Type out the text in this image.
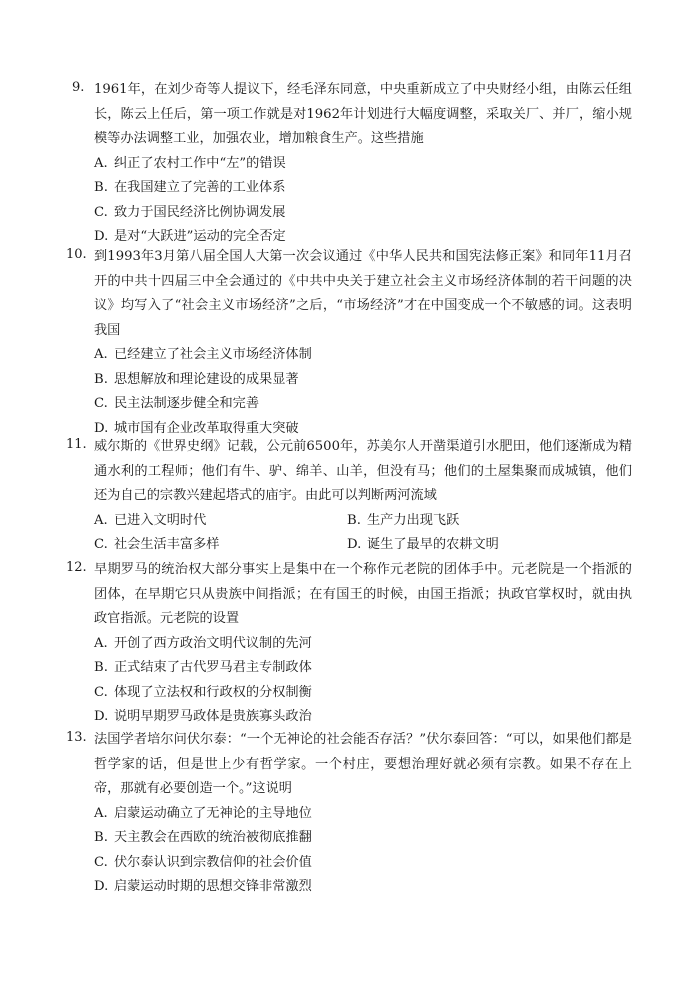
9. 1961年，在刘少奇等人提议下，经毛泽东同意，中央重新成立了中央财经小组，由陈云任组长，陈云上任后，第一项工作就是对1962年计划进行大幅度调整，采取关厂、并厂，缩小规模等办法调整工业，加强农业，增加粮食生产。这些措施
A. 纠正了农村工作中“左”的错误
B. 在我国建立了完善的工业体系
C. 致力于国民经济比例协调发展
D. 是对“大跃进”运动的完全否定
10. 到1993年3月第八届全国人大第一次会议通过《中华人民共和国宪法修正案》和同年11月召开的中共十四届三中全会通过的《中共中央关于建立社会主义市场经济体制的若干问题的决议》均写入了“社会主义市场经济”之后，“市场经济”才在中国变成一个不敏感的词。这表明我国
A. 已经建立了社会主义市场经济体制
B. 思想解放和理论建设的成果显著
C. 民主法制逐步健全和完善
D. 城市国有企业改革取得重大突破
11. 威尔斯的《世界史纲》记载，公元前6500年，苏美尔人开凿渠道引水肥田，他们逐渐成为精通水利的工程师；他们有牛、驴、绵羊、山羊，但没有马；他们的土屋集聚而成城镇，他们还为自己的宗教兴建起塔式的庙宇。由此可以判断两河流域
A. 已进入文明时代	B. 生产力出现飞跃
C. 社会生活丰富多样	D. 诞生了最早的农耕文明
12. 早期罗马的统治权大部分事实上是集中在一个称作元老院的团体手中。元老院是一个指派的团体，在早期它只从贵族中间指派；在有国王的时候，由国王指派；执政官掌权时，就由执政官指派。元老院的设置
A. 开创了西方政治文明代议制的先河
B. 正式结束了古代罗马君主专制政体
C. 体现了立法权和行政权的分权制衡
D. 说明早期罗马政体是贵族寡头政治
13. 法国学者培尔问伏尔泰：“一个无神论的社会能否存活？”伏尔泰回答：“可以，如果他们都是哲学家的话，但是世上少有哲学家。一个村庄，要想治理好就必须有宗教。如果不存在上帝，那就有必要创造一个。”这说明
A. 启蒙运动确立了无神论的主导地位
B. 天主教会在西欧的统治被彻底推翻
C. 伏尔泰认识到宗教信仰的社会价值
D. 启蒙运动时期的思想交锋非常激烈
